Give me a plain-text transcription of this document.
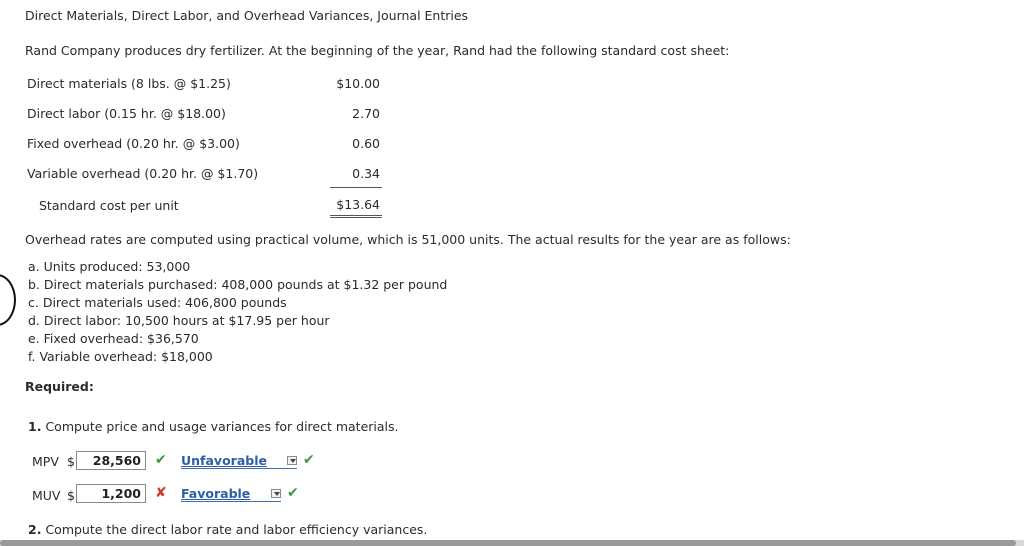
Direct Materials, Direct Labor, and Overhead Variances, Journal Entries
Rand Company produces dry fertilizer. At the beginning of the year, Rand had the following standard cost sheet:
Direct materials (8 lbs. @ $1.25)	$10.00
Direct labor (0.15 hr. @ $18.00)	2.70
Fixed overhead (0.20 hr. @ $3.00)	0.60
Variable overhead (0.20 hr. @ $1.70)	0.34
Standard cost per unit	$13.64
Overhead rates are computed using practical volume, which is 51,000 units. The actual results for the year are as follows:
a. Units produced: 53,000
b. Direct materials purchased: 408,000 pounds at $1.32 per pound
c. Direct materials used: 406,800 pounds
d. Direct labor: 10,500 hours at $17.95 per hour
e. Fixed overhead: $36,570
f. Variable overhead: $18,000
Required:
1. Compute price and usage variances for direct materials.
MPV $	28,560	✔ Unfavorable	✔
MUV $	1,200	✘ Favorable	✔
2. Compute the direct labor rate and labor efficiency variances.
